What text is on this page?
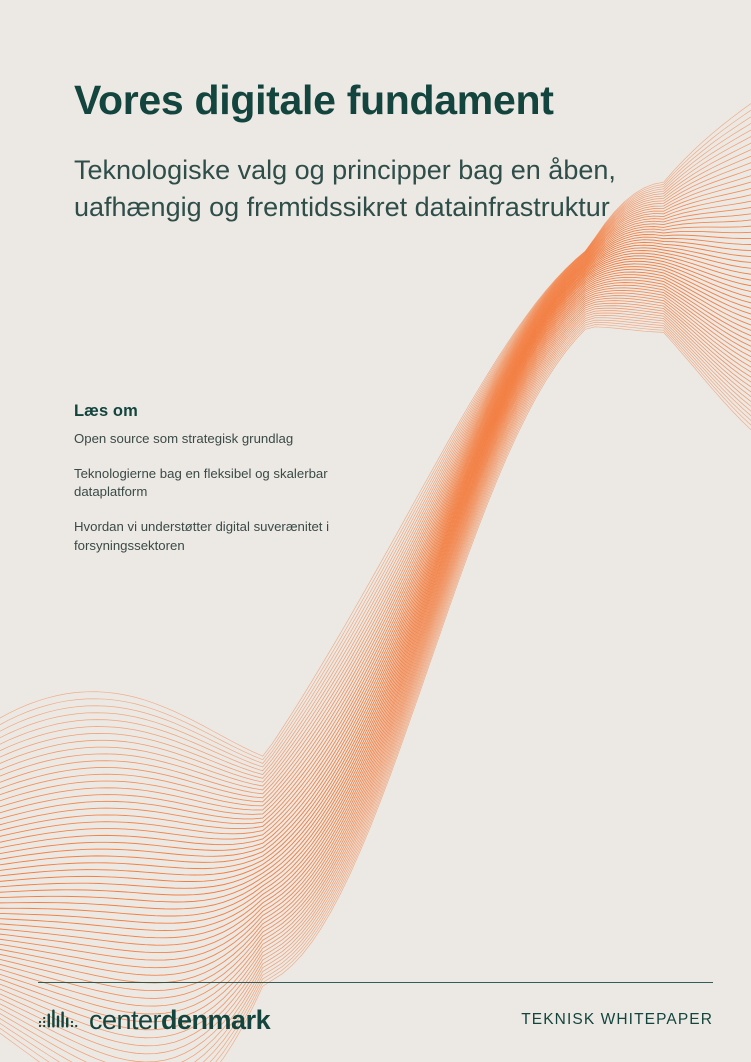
Vores digitale fundament
Teknologiske valg og principper bag en åben, uafhængig og fremtidssikret datainfrastruktur
Læs om
Open source som strategisk grundlag
Teknologierne bag en fleksibel og skalerbar dataplatform
Hvordan vi understøtter digital suverænitet i forsyningssektoren
centerdenmark	TEKNISK WHITEPAPER
